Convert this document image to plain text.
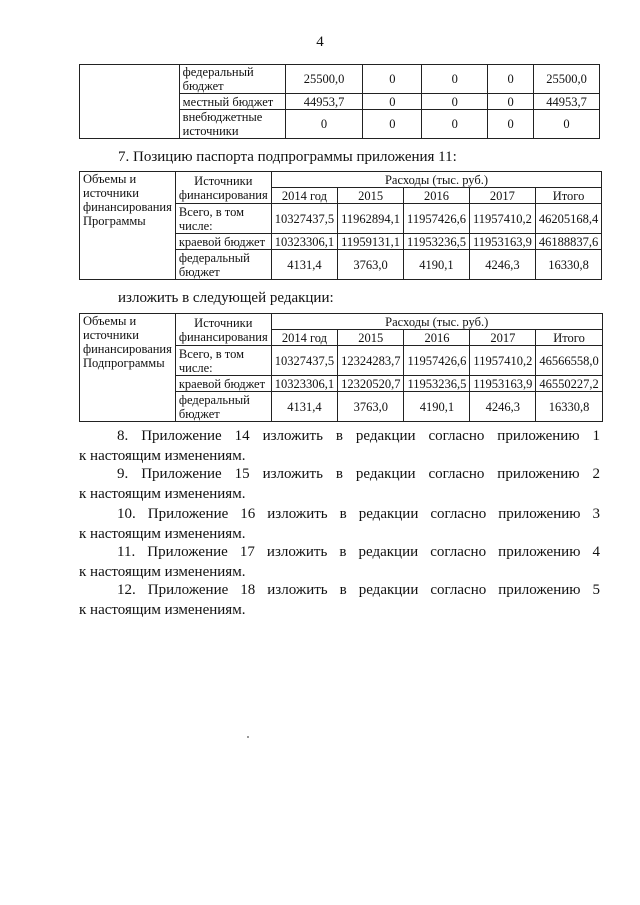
4
	федеральный бюджет	25500,0	0	0	0	25500,0
	местный бюджет	44953,7	0	0	0	44953,7
	внебюджетные источники	0	0	0	0	0
7. Позицию паспорта подпрограммы приложения 11:
Объемы и источники финансирования Программы	Источники финансирования	Расходы (тыс. руб.)				
		2014 год	2015	2016	2017	Итого
	Всего, в том числе:	10327437,5	11962894,1	11957426,6	11957410,2	46205168,4
	краевой бюджет	10323306,1	11959131,1	11953236,5	11953163,9	46188837,6
	федеральный бюджет	4131,4	3763,0	4190,1	4246,3	16330,8
изложить в следующей редакции:
Объемы и источники финансирования Подпрограммы	Источники финансирования	Расходы (тыс. руб.)				
		2014 год	2015	2016	2017	Итого
	Всего, в том числе:	10327437,5	12324283,7	11957426,6	11957410,2	46566558,0
	краевой бюджет	10323306,1	12320520,7	11953236,5	11953163,9	46550227,2
	федеральный бюджет	4131,4	3763,0	4190,1	4246,3	16330,8
8. Приложение 14 изложить в редакции согласно приложению 1
к настоящим изменениям.
9. Приложение 15 изложить в редакции согласно приложению 2
к настоящим изменениям.
10. Приложение 16 изложить в редакции согласно приложению 3
к настоящим изменениям.
11. Приложение 17 изложить в редакции согласно приложению 4
к настоящим изменениям.
12. Приложение 18 изложить в редакции согласно приложению 5
к настоящим изменениям.
